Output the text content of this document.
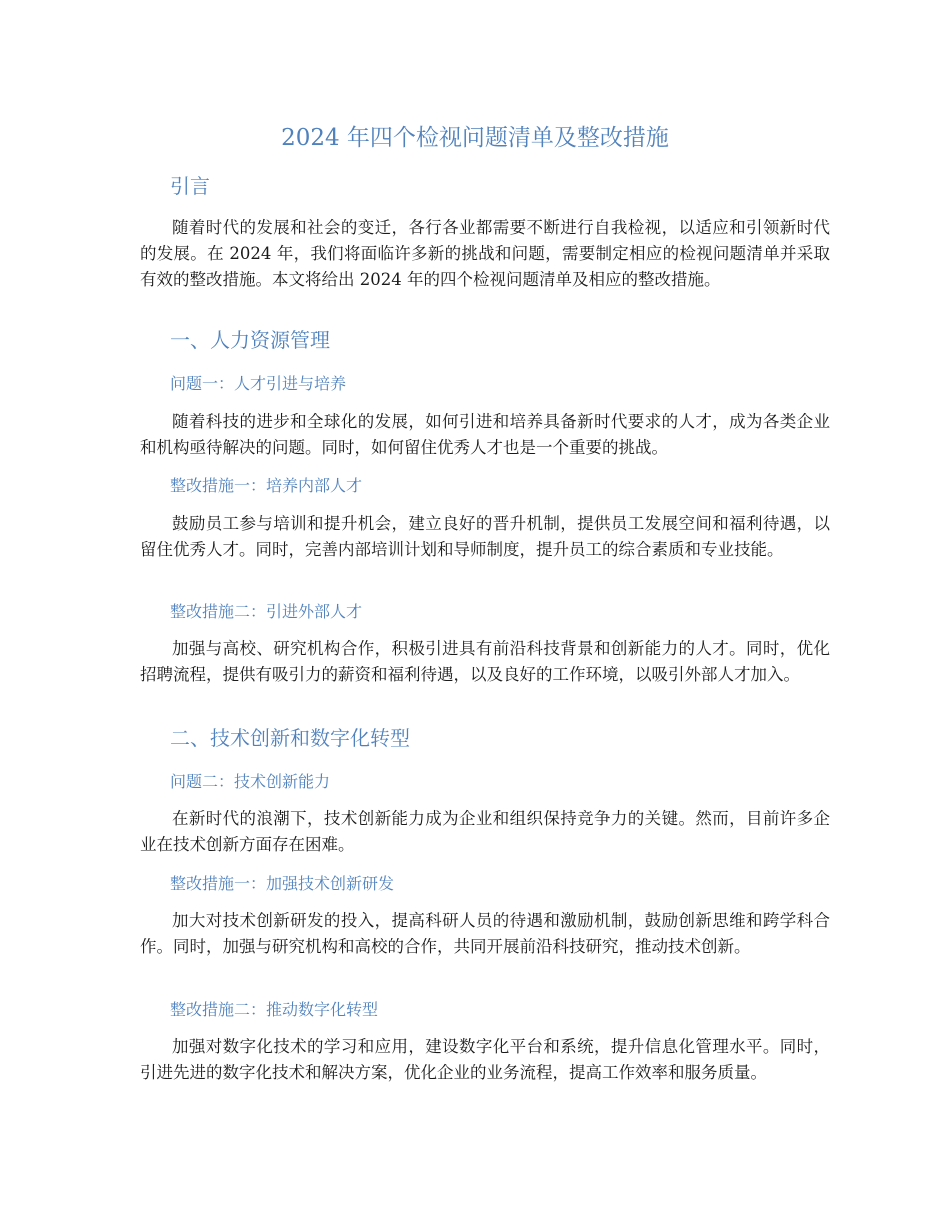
2024 年四个检视问题清单及整改措施
引言

随着时代的发展和社会的变迁，各行各业都需要不断进行自我检视，以适应和引领新时代的发展。在 2024 年，我们将面临许多新的挑战和问题，需要制定相应的检视问题清单并采取有效的整改措施。本文将给出 2024 年的四个检视问题清单及相应的整改措施。

一、人力资源管理
问题一：人才引进与培养

随着科技的进步和全球化的发展，如何引进和培养具备新时代要求的人才，成为各类企业和机构亟待解决的问题。同时，如何留住优秀人才也是一个重要的挑战。

整改措施一：培养内部人才

鼓励员工参与培训和提升机会，建立良好的晋升机制，提供员工发展空间和福利待遇，以留住优秀人才。同时，完善内部培训计划和导师制度，提升员工的综合素质和专业技能。

整改措施二：引进外部人才

加强与高校、研究机构合作，积极引进具有前沿科技背景和创新能力的人才。同时，优化招聘流程，提供有吸引力的薪资和福利待遇，以及良好的工作环境，以吸引外部人才加入。

二、技术创新和数字化转型
问题二：技术创新能力

在新时代的浪潮下，技术创新能力成为企业和组织保持竞争力的关键。然而，目前许多企业在技术创新方面存在困难。

整改措施一：加强技术创新研发

加大对技术创新研发的投入，提高科研人员的待遇和激励机制，鼓励创新思维和跨学科合作。同时，加强与研究机构和高校的合作，共同开展前沿科技研究，推动技术创新。

整改措施二：推动数字化转型

加强对数字化技术的学习和应用，建设数字化平台和系统，提升信息化管理水平。同时，引进先进的数字化技术和解决方案，优化企业的业务流程，提高工作效率和服务质量。
